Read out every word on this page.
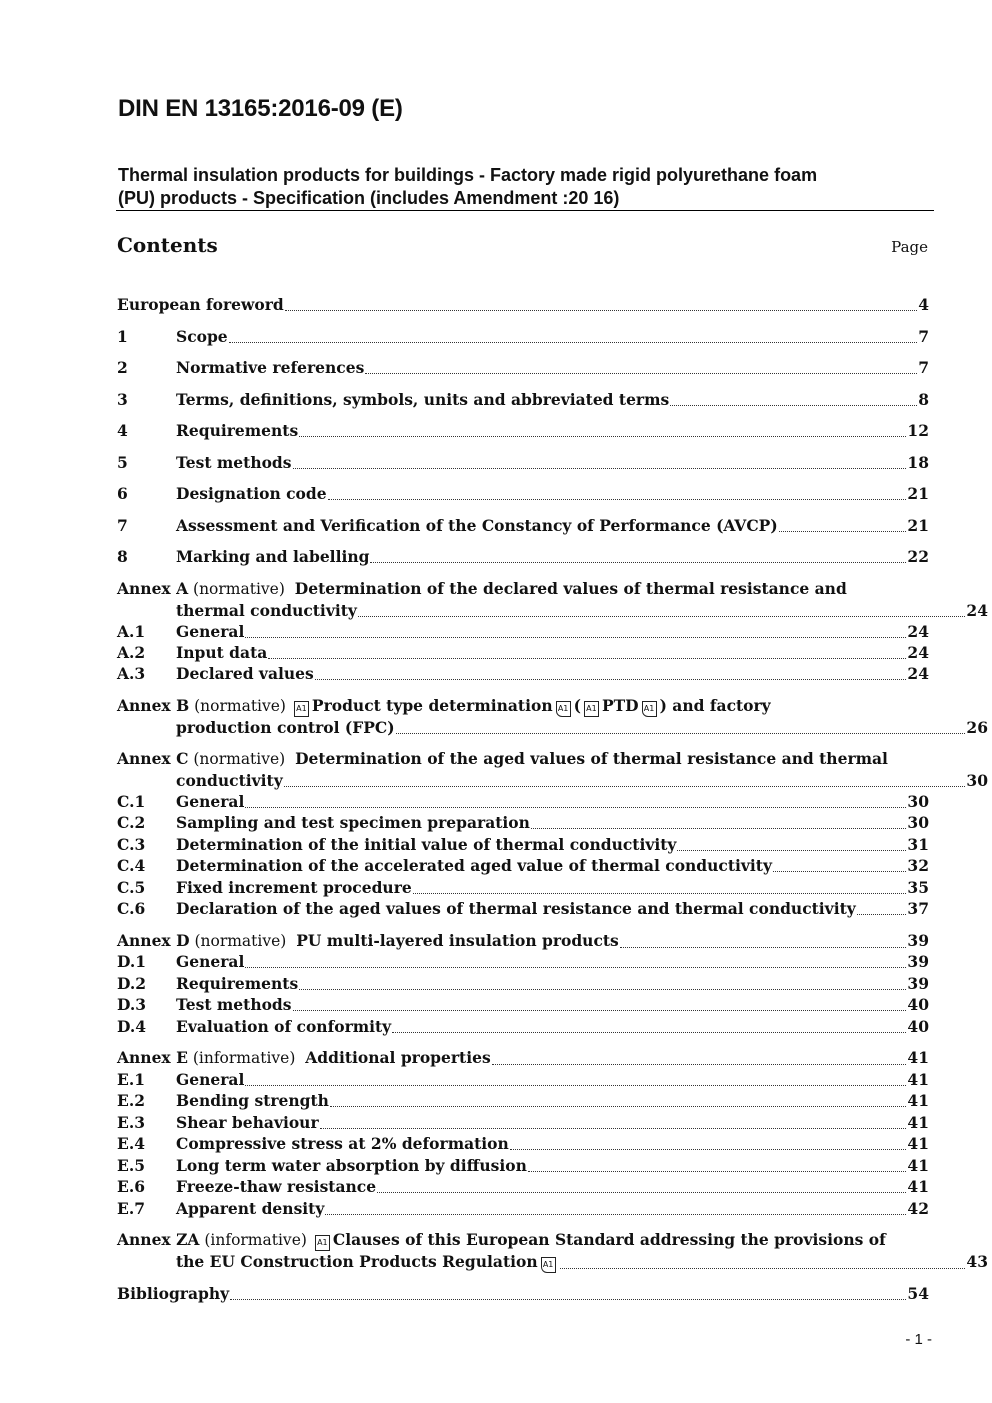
DIN EN 13165:2016-09 (E)
Thermal insulation products for buildings - Factory made rigid polyurethane foam
(PU) products - Specification (includes Amendment :20 16)
Contents	Page
European foreword	4
1	Scope	7
2	Normative references	7
3	Terms, definitions, symbols, units and abbreviated terms	8
4	Requirements	12
5	Test methods	18
6	Designation code	21
7	Assessment and Verification of the Constancy of Performance (AVCP)	21
8	Marking and labelling	22
Annex A
(normative)
Determination of the declared values of thermal resistance and
thermal conductivity	24
A.1	General	24
A.2	Input data	24
A.3	Declared values	24
Annex B
(normative)
A1 Product type determination A1 ( A1 PTD A1 ) and factory
production control (FPC)	26
Annex C
(normative)
Determination of the aged values of thermal resistance and thermal
conductivity	30
C.1	General	30
C.2	Sampling and test specimen preparation	30
C.3	Determination of the initial value of thermal conductivity	31
C.4	Determination of the accelerated aged value of thermal conductivity	32
C.5	Fixed increment procedure	35
C.6	Declaration of the aged values of thermal resistance and thermal conductivity	37
Annex D
(normative)
PU multi-layered insulation products	39
D.1	General	39
D.2	Requirements	39
D.3	Test methods	40
D.4	Evaluation of conformity	40
Annex E
(informative)
Additional properties	41
E.1	General	41
E.2	Bending strength	41
E.3	Shear behaviour	41
E.4	Compressive stress at 2% deformation	41
E.5	Long term water absorption by diffusion	41
E.6	Freeze-thaw resistance	41
E.7	Apparent density	42
Annex ZA
(informative)
A1 Clauses of this European Standard addressing the provisions of
the EU Construction Products Regulation A1	43
Bibliography	54
- 1 -
